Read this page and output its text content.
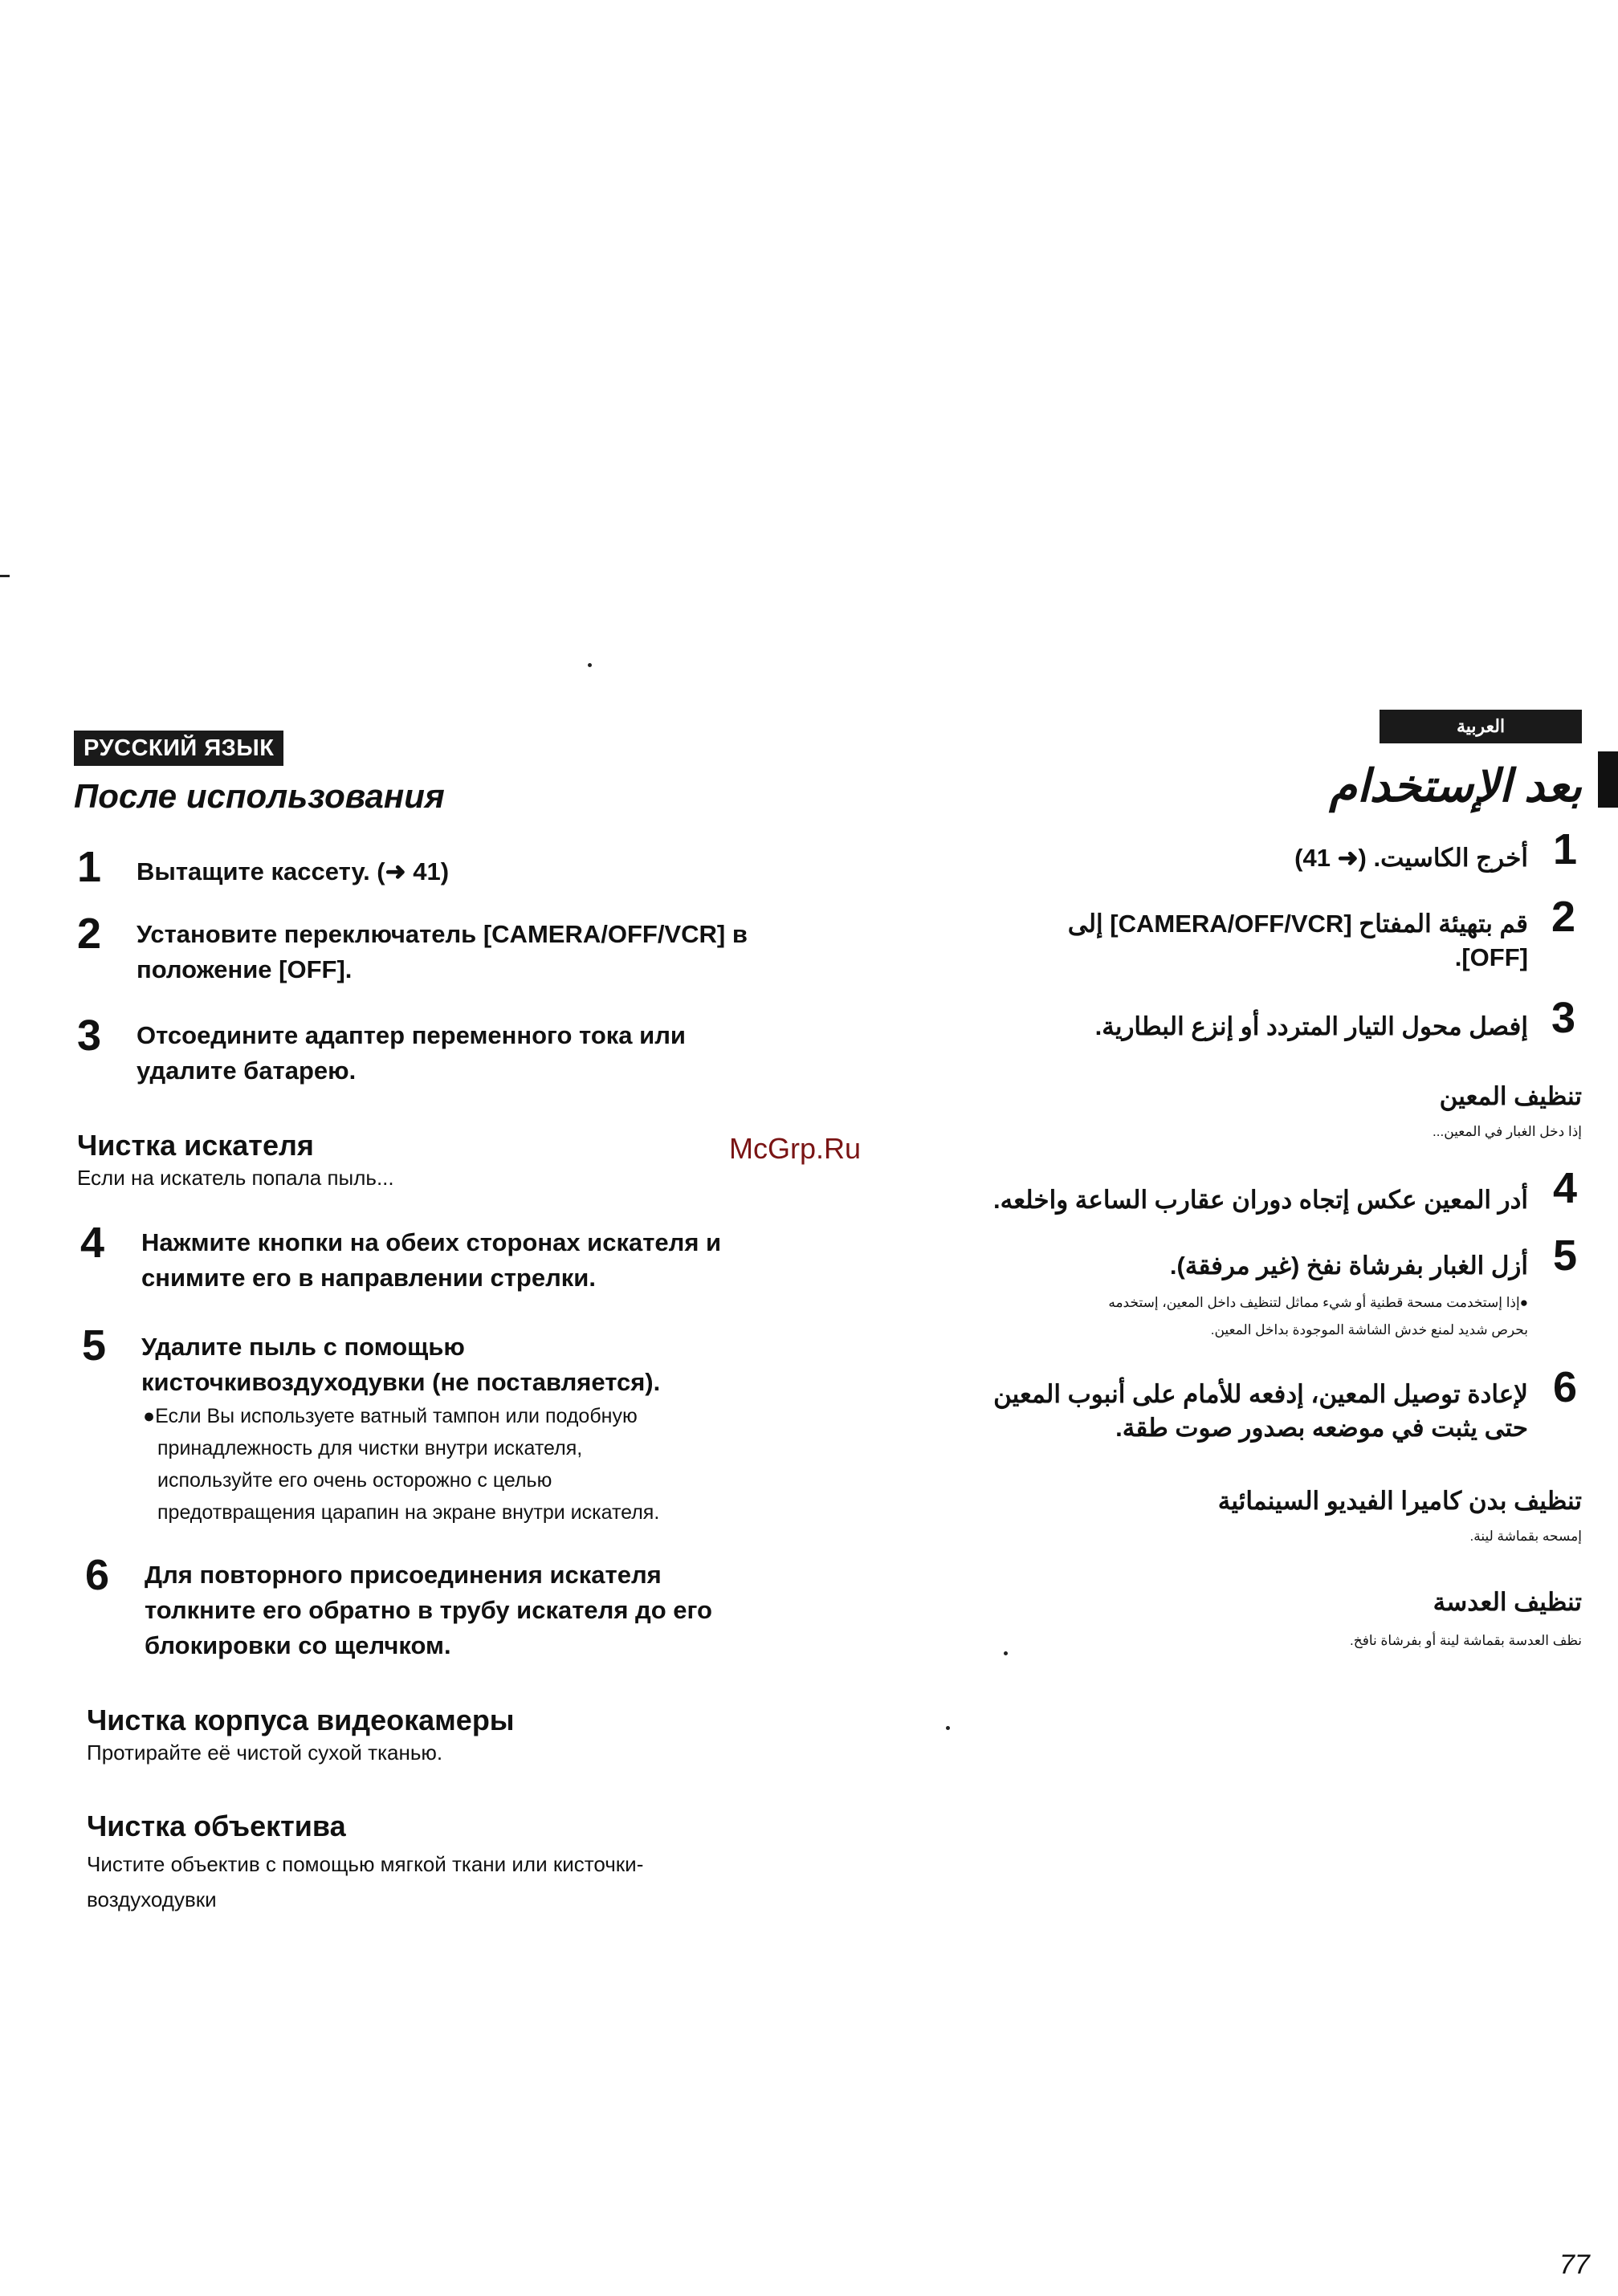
РУССКИЙ ЯЗЫК
После использования
1 Вытащите кассету. (➜ 41)
2 Установите переключатель [CAMERA/OFF/VCR] в
положение [OFF].
3 Отсоедините адаптер переменного тока или
удалите батарею.
Чистка искателя
Если на искатель попала пыль...
4 Нажмите кнопки на обеих сторонах искателя и
снимите его в направлении стрелки.
5 Удалите пыль с помощью
кисточкивоздуходувки (не поставляется).
●Если Вы используете ватный тампон или подобную
принадлежность для чистки внутри искателя,
используйте его очень осторожно с целью
предотвращения царапин на экране внутри искателя.
6 Для повторного присоединения искателя
толкните его обратно в трубу искателя до его
блокировки со щелчком.
Чистка корпуса видеокамеры
Протирайте её чистой сухой тканью.
Чистка объектива
Чистите объектив с помощью мягкой ткани или кисточки-
воздуходувки
McGrp.Ru
العربية
بعد الإستخدام
1
أخرج الكاسيت. (➜ 41)
2
قم بتهيئة المفتاح [CAMERA/OFF/VCR] إلى
[OFF].
3
إفصل محول التيار المتردد أو إنزع البطارية.
تنظيف المعين
إذا دخل الغبار في المعين...
4
أدر المعين عكس إتجاه دوران عقارب الساعة واخلعه.
5
أزل الغبار بفرشاة نفخ (غير مرفقة).
●إذا إستخدمت مسحة قطنية أو شيء مماثل لتنظيف داخل المعين، إستخدمه
بحرص شديد لمنع خدش الشاشة الموجودة بداخل المعين.
6
لإعادة توصيل المعين، إدفعه للأمام على أنبوب المعين
حتى يثبت في موضعه بصدور صوت طقة.
تنظيف بدن كاميرا الفيديو السينمائية
إمسحه بقماشة لينة.
تنظيف العدسة
نظف العدسة بقماشة لينة أو بفرشاة نافخ.
77
